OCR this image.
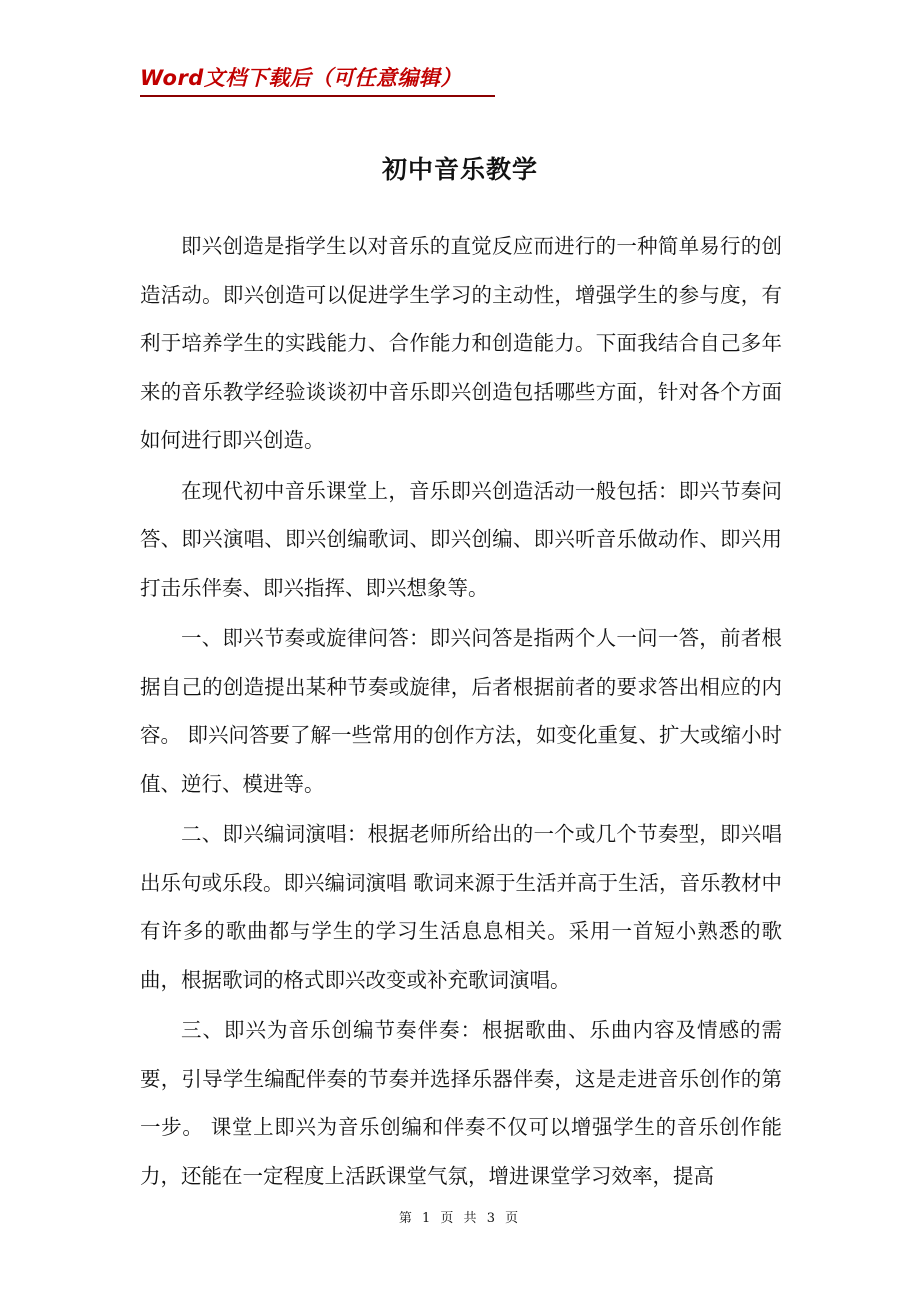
Word文档下载后（可任意编辑）
初中音乐教学

即兴创造是指学生以对音乐的直觉反应而进行的一种简单易行的创造活动。即兴创造可以促进学生学习的主动性，增强学生的参与度，有利于培养学生的实践能力、合作能力和创造能力。下面我结合自己多年来的音乐教学经验谈谈初中音乐即兴创造包括哪些方面，针对各个方面如何进行即兴创造。

在现代初中音乐课堂上，音乐即兴创造活动一般包括：即兴节奏问答、即兴演唱、即兴创编歌词、即兴创编、即兴听音乐做动作、即兴用打击乐伴奏、即兴指挥、即兴想象等。

一、即兴节奏或旋律问答：即兴问答是指两个人一问一答，前者根据自己的创造提出某种节奏或旋律，后者根据前者的要求答出相应的内容。 即兴问答要了解一些常用的创作方法，如变化重复、扩大或缩小时值、逆行、模进等。

二、即兴编词演唱：根据老师所给出的一个或几个节奏型，即兴唱出乐句或乐段。即兴编词演唱 歌词来源于生活并高于生活，音乐教材中有许多的歌曲都与学生的学习生活息息相关。采用一首短小熟悉的歌曲，根据歌词的格式即兴改变或补充歌词演唱。

三、即兴为音乐创编节奏伴奏：根据歌曲、乐曲内容及情感的需要，引导学生编配伴奏的节奏并选择乐器伴奏，这是走进音乐创作的第一步。 课堂上即兴为音乐创编和伴奏不仅可以增强学生的音乐创作能力，还能在一定程度上活跃课堂气氛，增进课堂学习效率，提高

第 1 页 共 3 页
